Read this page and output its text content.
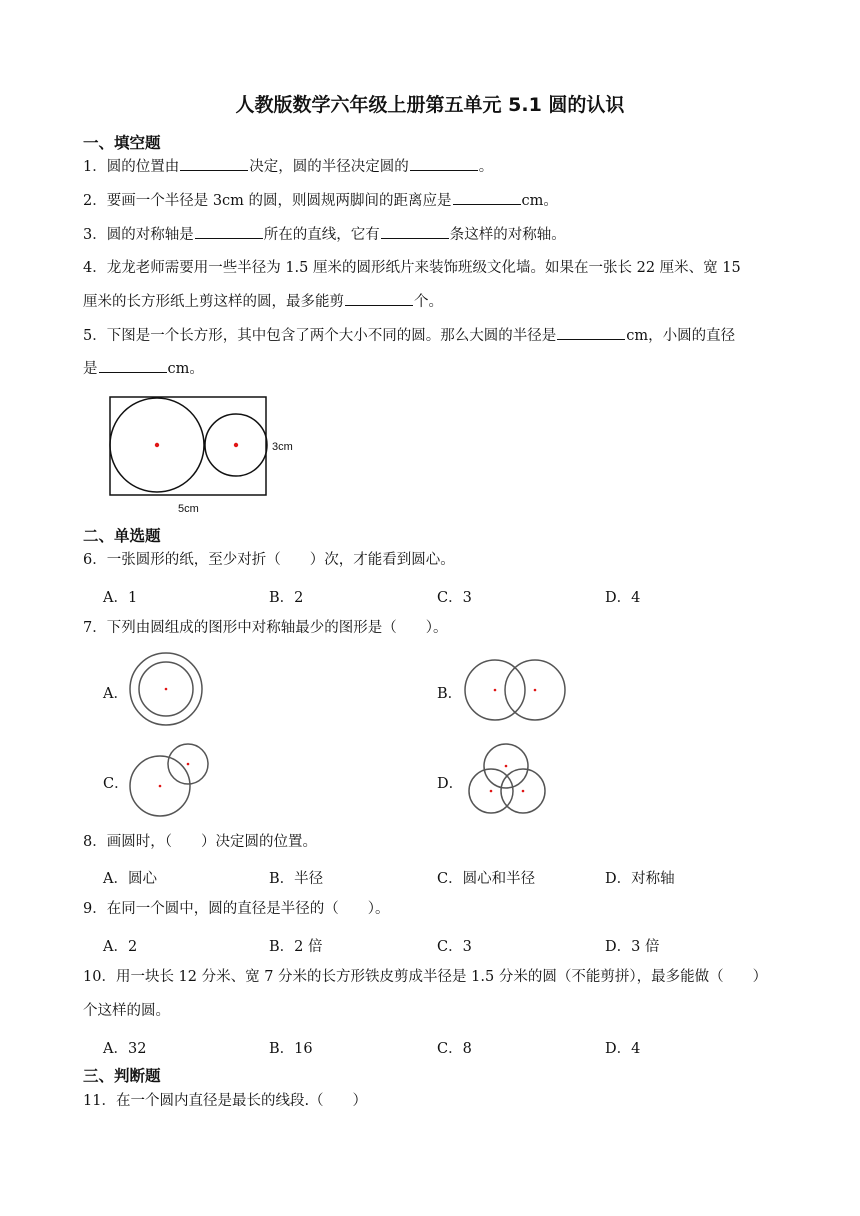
人教版数学六年级上册第五单元 5.1 圆的认识
一、填空题
1．圆的位置由	决定，圆的半径决定圆的	。
2．要画一个半径是 3cm 的圆，则圆规两脚间的距离应是	cm。
3．圆的对称轴是	所在的直线，它有	条这样的对称轴。
4．龙龙老师需要用一些半径为 1.5 厘米的圆形纸片来装饰班级文化墙。如果在一张长 22 厘米、宽 15
厘米的长方形纸上剪这样的圆，最多能剪	个。
5．下图是一个长方形，其中包含了两个大小不同的圆。那么大圆的半径是	cm，小圆的直径
是	cm。
3cm
5cm
二、单选题
6．一张圆形的纸，至少对折（　　）次，才能看到圆心。
A．1	B．2	C．3	D．4
7．下列由圆组成的图形中对称轴最少的图形是（　　）。
A．	B．
C．	D．
8．画圆时，（　　）决定圆的位置。
A．圆心	B．半径	C．圆心和半径	D．对称轴
9．在同一个圆中，圆的直径是半径的（　　）。
A．2	B．2 倍	C．3	D．3 倍
10．用一块长 12 分米、宽 7 分米的长方形铁皮剪成半径是 1.5 分米的圆（不能剪拼），最多能做（　　）
个这样的圆。
A．32	B．16	C．8	D．4
三、判断题
11．在一个圆内直径是最长的线段.（　　）
